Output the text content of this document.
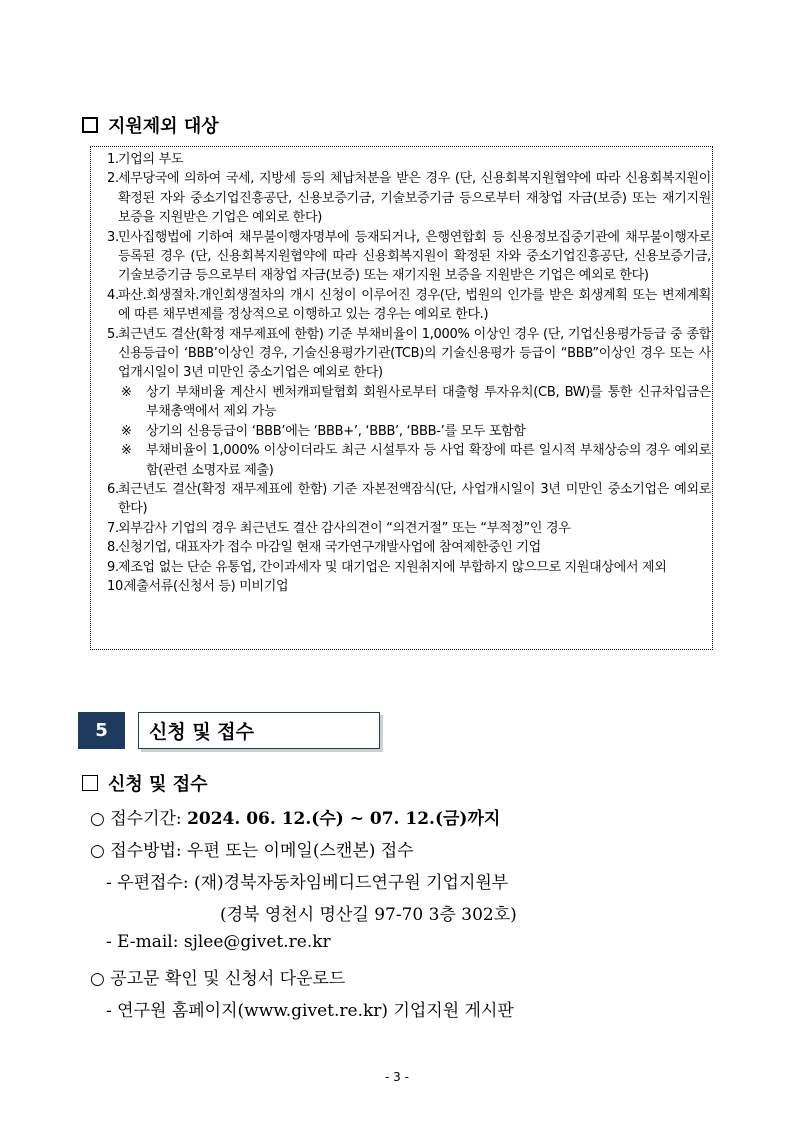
지원제외 대상
1. 기업의 부도
2. 세무당국에 의하여 국세, 지방세 등의 체납처분을 받은 경우 (단, 신용회복지원협약에 따라 신용회복지원이 확정된 자와 중소기업진흥공단, 신용보증기금, 기술보증기금 등으로부터 재창업 자금(보증) 또는 재기지원 보증을 지원받은 기업은 예외로 한다)
3. 민사집행법에 기하여 채무불이행자명부에 등재되거나, 은행연합회 등 신용정보집중기관에 채무불이행자로 등록된 경우 (단, 신용회복지원협약에 따라 신용회복지원이 확정된 자와 중소기업진흥공단, 신용보증기금, 기술보증기금 등으로부터 재창업 자금(보증) 또는 재기지원 보증을 지원받은 기업은 예외로 한다)
4. 파산.회생절차.개인회생절차의 개시 신청이 이루어진 경우(단, 법원의 인가를 받은 회생계획 또는 변제계획에 따른 채무변제를 정상적으로 이행하고 있는 경우는 예외로 한다.)
5. 최근년도 결산(확정 재무제표에 한함) 기준 부채비율이 1,000% 이상인 경우 (단, 기업신용평가등급 중 종합신용등급이 ‘BBB’이상인 경우, 기술신용평가기관(TCB)의 기술신용평가 등급이 “BBB”이상인 경우 또는 사업개시일이 3년 미만인 중소기업은 예외로 한다)
※	상기 부채비율 계산시 벤처캐피탈협회 회원사로부터 대출형 투자유치(CB, BW)를 통한 신규차입금은 부채총액에서 제외 가능
※	상기의 신용등급이 ‘BBB’에는 ‘BBB+’, ‘BBB’, ‘BBB-’를 모두 포함함
※	부채비율이 1,000% 이상이더라도 최근 시설투자 등 사업 확장에 따른 일시적 부채상승의 경우 예외로 함(관련 소명자료 제출)
6. 최근년도 결산(확정 재무제표에 한함) 기준 자본전액잠식(단, 사업개시일이 3년 미만인 중소기업은 예외로 한다)
7. 외부감사 기업의 경우 최근년도 결산 감사의견이 “의견거절” 또는 “부적정”인 경우
8. 신청기업, 대표자가 접수 마감일 현재 국가연구개발사업에 참여제한중인 기업
9. 제조업 없는 단순 유통업, 간이과세자 및 대기업은 지원취지에 부합하지 않으므로 지원대상에서 제외
10.
제출서류(신청서 등) 미비기업
5	신청 및 접수
신청 및 접수
○ 접수기간: 2024. 06. 12.(수) ~ 07. 12.(금)까지
○ 접수방법: 우편 또는 이메일(스캔본) 접수
- 우편접수: (재)경북자동차임베디드연구원 기업지원부
(경북 영천시 명산길 97-70 3층 302호)
- E-mail: sjlee@givet.re.kr
○ 공고문 확인 및 신청서 다운로드
- 연구원 홈페이지(www.givet.re.kr) 기업지원 게시판
- 3 -
